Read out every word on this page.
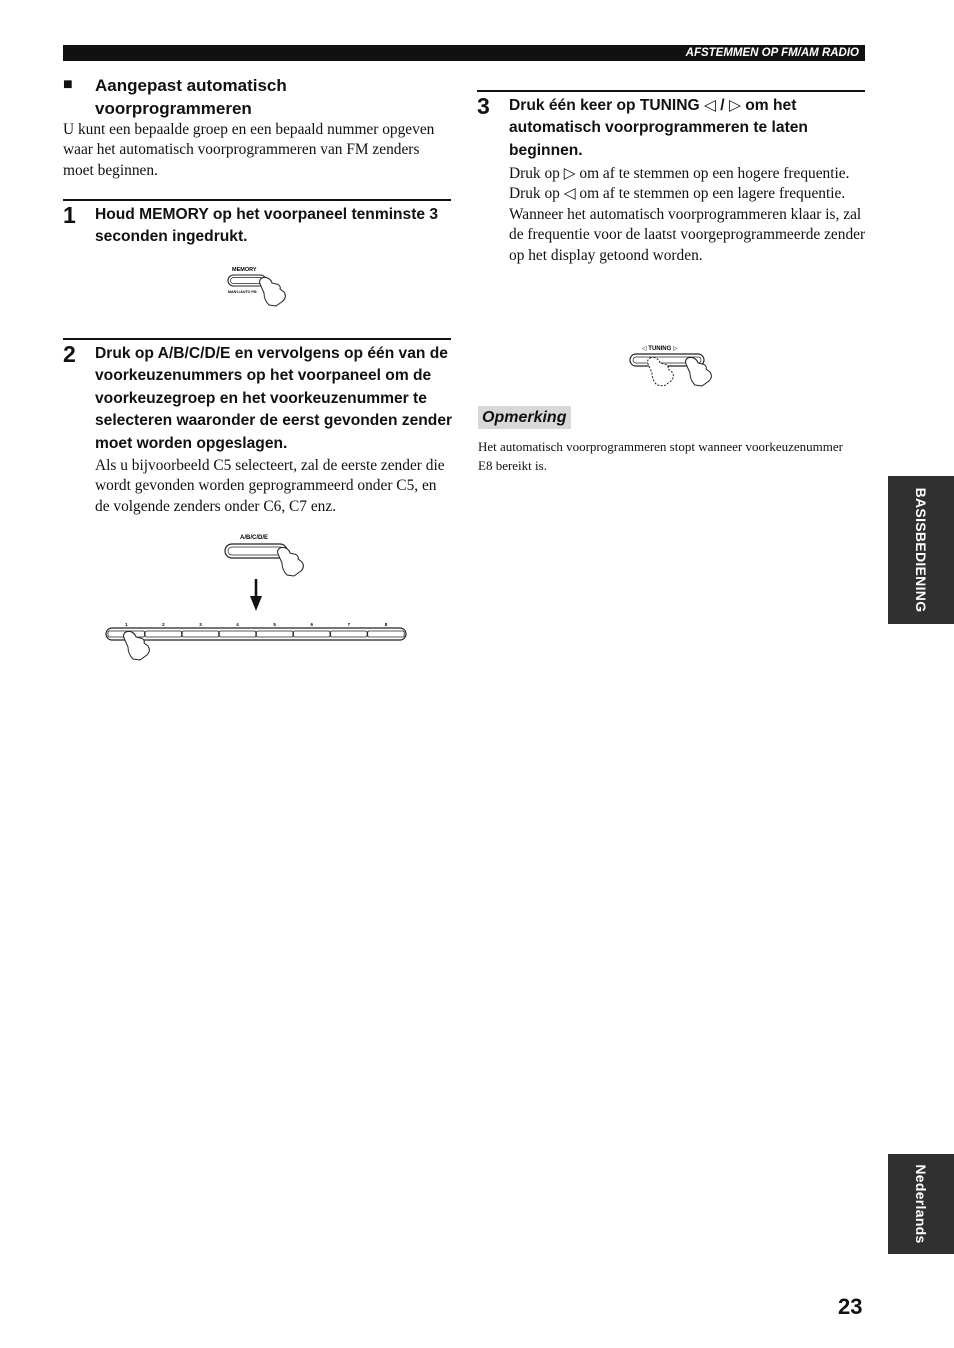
AFSTEMMEN OP FM/AM RADIO
■ Aangepast automatisch voorprogrammeren
U kunt een bepaalde groep en een bepaald nummer opgeven waar het automatisch voorprogrammeren van FM zenders moet beginnen.
1 Houd MEMORY op het voorpaneel tenminste 3 seconden ingedrukt.
MEMORY
MAN'L/AUTO FM
2 Druk op A/B/C/D/E en vervolgens op één van de voorkeuzenummers op het voorpaneel om de voorkeuzegroep en het voorkeuzenummer te selecteren waaronder de eerst gevonden zender moet worden opgeslagen.
Als u bijvoorbeeld C5 selecteert, zal de eerste zender die wordt gevonden worden geprogrammeerd onder C5, en de volgende zenders onder C6, C7 enz.
A/B/C/D/E
1	2	3	4	5	6	7	8
3 Druk één keer op TUNING ◁ / ▷ om het automatisch voorprogrammeren te laten beginnen.
Druk op ▷ om af te stemmen op een hogere frequentie.
Druk op ◁ om af te stemmen op een lagere frequentie.
Wanneer het automatisch voorprogrammeren klaar is, zal de frequentie voor de laatst voorgeprogrammeerde zender op het display getoond worden.
◁ TUNING ▷
Opmerking
Het automatisch voorprogrammeren stopt wanneer voorkeuzenummer E8 bereikt is.
BASISBEDIENING
Nederlands
23
